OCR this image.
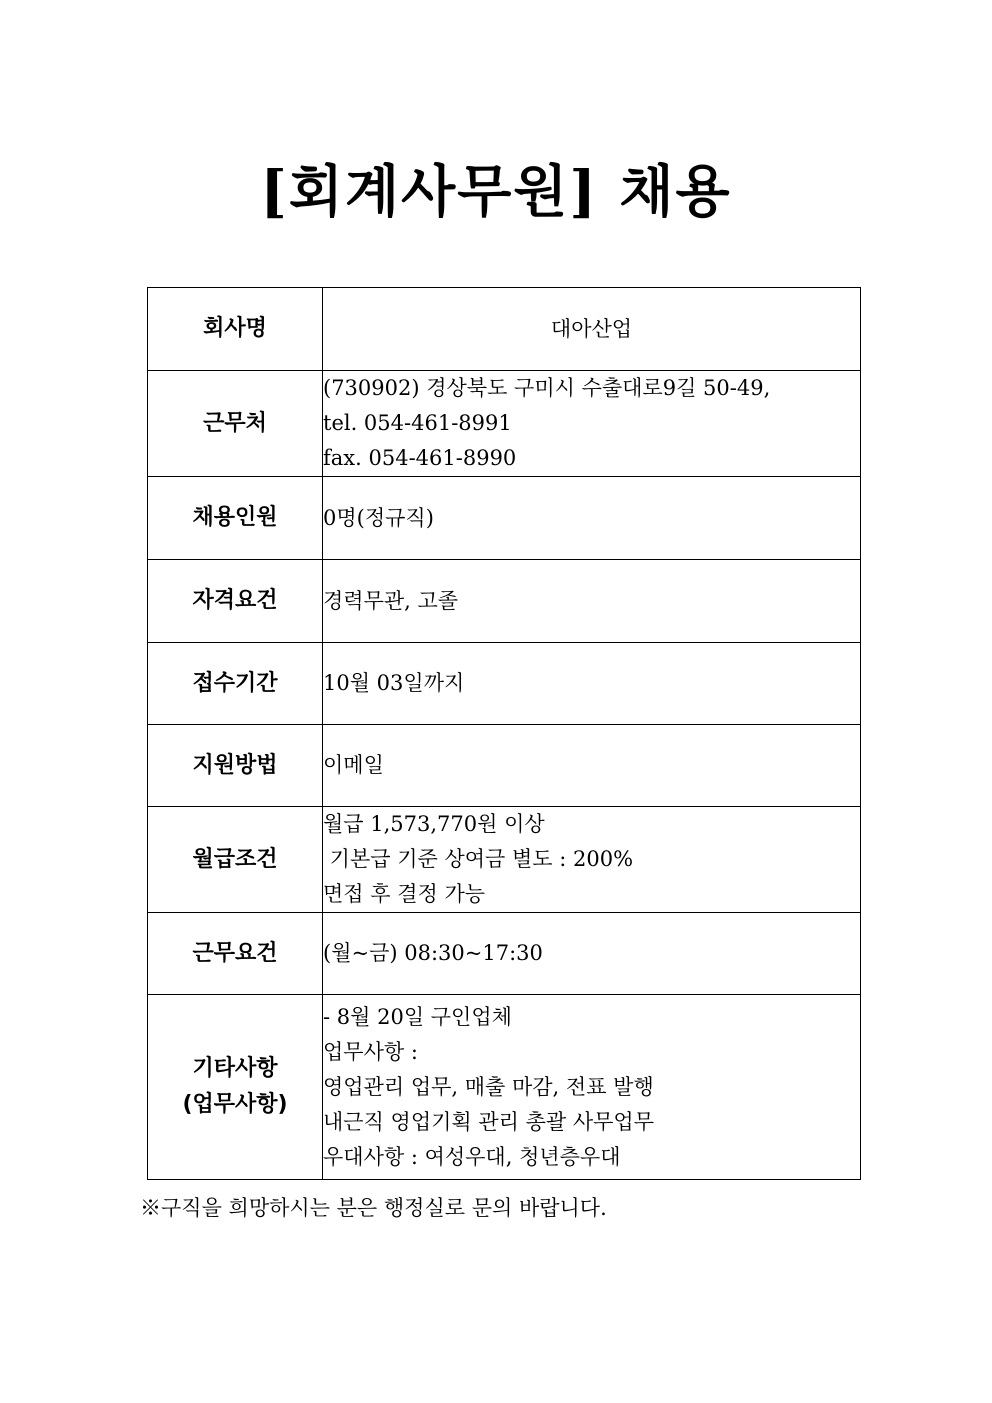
[회계사무원] 채용
회사명	대아산업

근무처	(730902) 경상북도 구미시 수출대로9길 50-49,
tel. 054-461-8991
fax. 054-461-8990

채용인원	0명(정규직)

자격요건	경력무관, 고졸

접수기간	10월 03일까지

지원방법	이메일

월급조건	월급 1,573,770원 이상
기본급 기준 상여금 별도 : 200%
면접 후 결정 가능

근무요건	(월~금) 08:30~17:30

기타사항
(업무사항)	- 8월 20일 구인업체
업무사항 :
영업관리 업무, 매출 마감, 전표 발행
내근직 영업기획 관리 총괄 사무업무
우대사항 : 여성우대, 청년층우대
※구직을 희망하시는 분은 행정실로 문의 바랍니다.
